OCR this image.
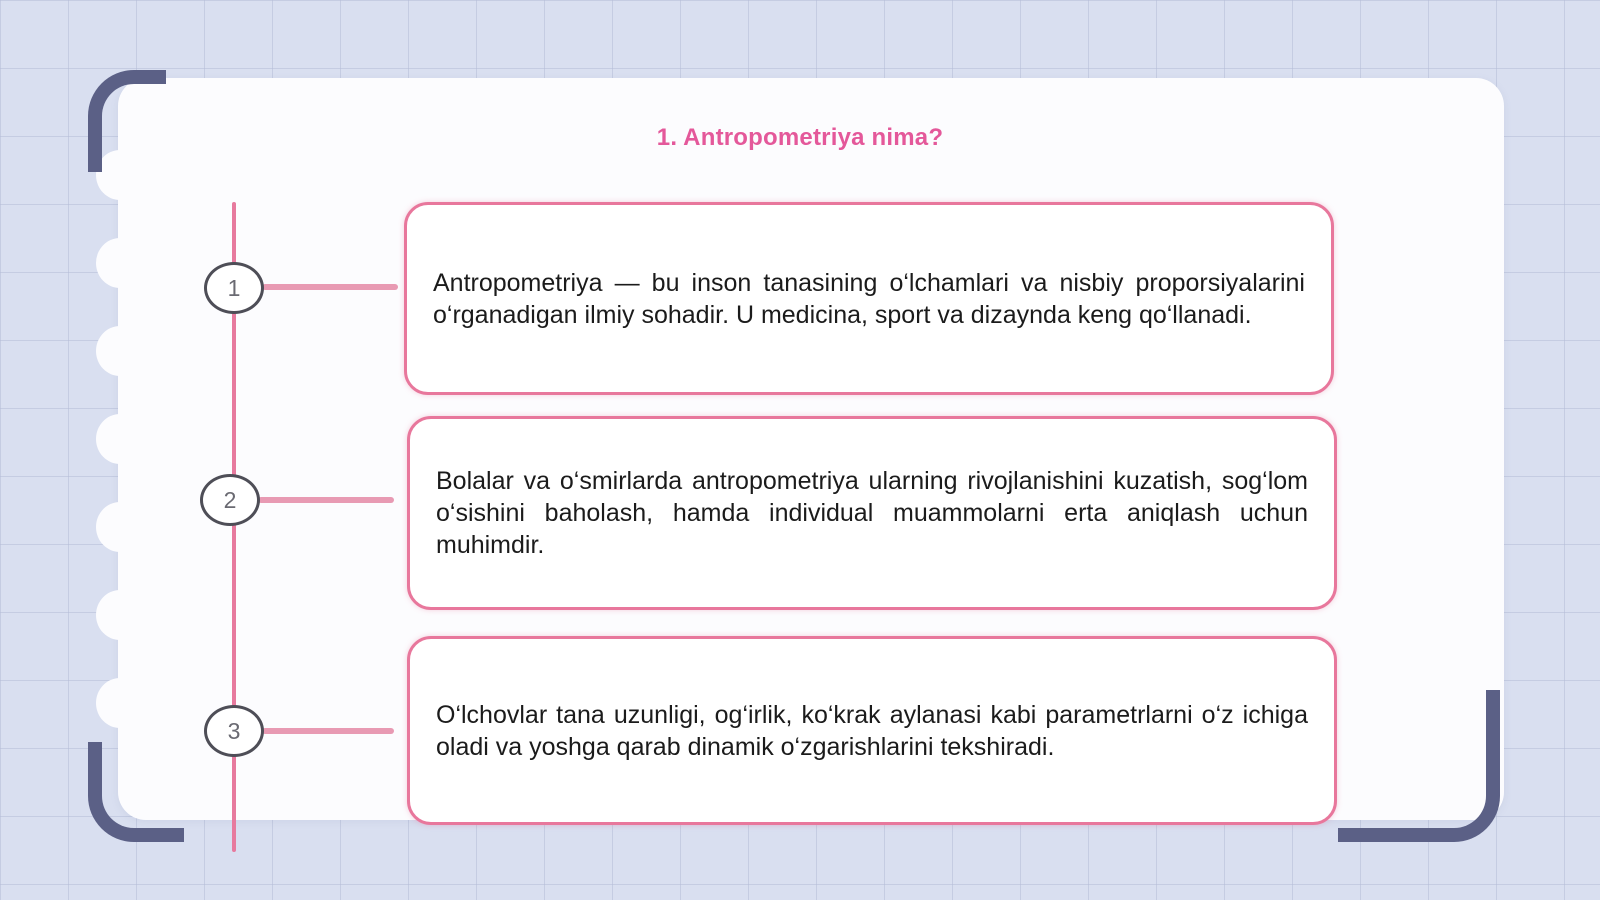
1. Antropometriya nima?
1
2
3
Antropometriya — bu inson tanasining o‘lchamlari va nisbiy proporsiyalarini o‘rganadigan ilmiy sohadir. U medicina, sport va dizaynda keng qo‘llanadi.
Bolalar va o‘smirlarda antropometriya ularning rivojlanishini kuzatish, sog‘lom o‘sishini baholash, hamda individual muammolarni erta aniqlash uchun muhimdir.
O‘lchovlar tana uzunligi, og‘irlik, ko‘krak aylanasi kabi parametrlarni o‘z ichiga oladi va yoshga qarab dinamik o‘zgarishlarini tekshiradi.
